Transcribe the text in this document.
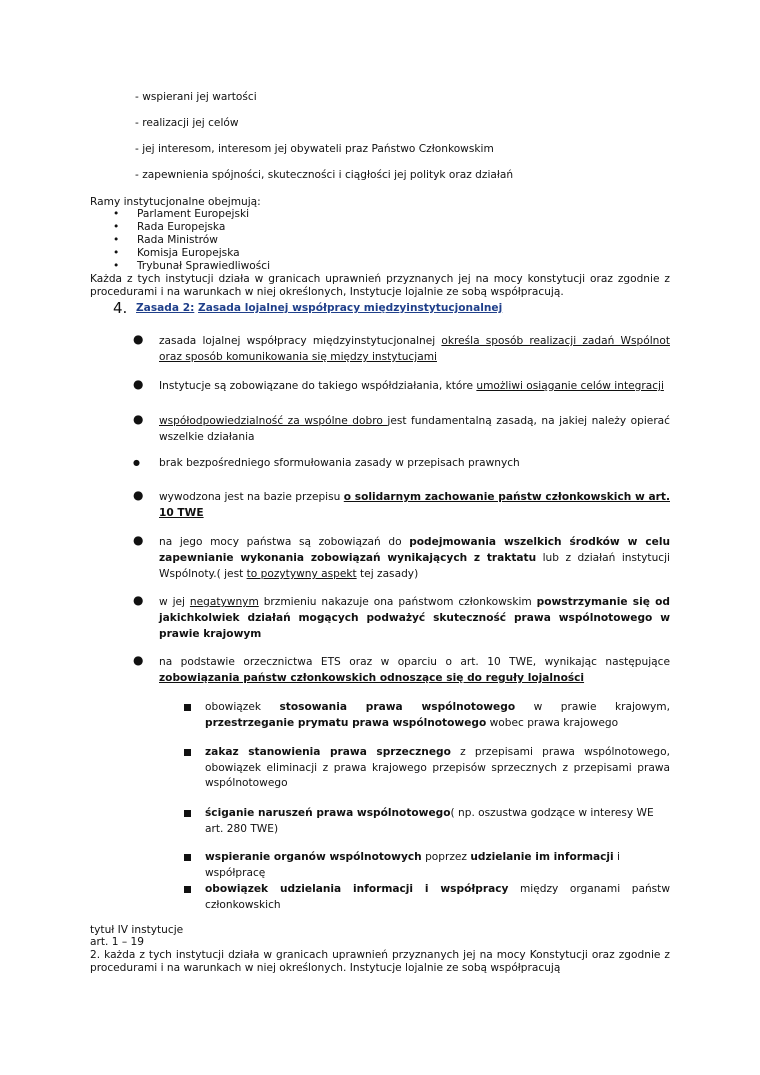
- wspierani jej wartości
- realizacji jej celów
- jej interesom, interesom jej obywateli praz Państwo Członkowskim
- zapewnienia spójności, skuteczności i ciągłości jej polityk oraz działań
Ramy instytucjonalne obejmują:
• Parlament Europejski
• Rada Europejska
• Rada Ministrów
• Komisja Europejska
• Trybunał Sprawiedliwości
Każda z tych instytucji działa w granicach uprawnień przyznanych jej na mocy konstytucji oraz zgodnie z procedurami i na warunkach w niej określonych, Instytucje lojalnie ze sobą współpracują.
4. Zasada 2: Zasada lojalnej współpracy międzyinstytucjonalnej
● zasada lojalnej współpracy międzyinstytucjonalnej określa sposób realizacji zadań Wspólnot oraz sposób komunikowania się między instytucjami
● Instytucje są zobowiązane do takiego współdziałania, które umożliwi osiąganie celów integracji
● współodpowiedzialność za wspólne dobro jest fundamentalną zasadą, na jakiej należy opierać wszelkie działania
● brak bezpośredniego sformułowania zasady w przepisach prawnych
● wywodzona jest na bazie przepisu o solidarnym zachowanie państw członkowskich w art. 10 TWE
● na jego mocy państwa są zobowiązań do podejmowania wszelkich środków w celu zapewnianie wykonania zobowiązań wynikających z traktatu lub z działań instytucji Wspólnoty.( jest to pozytywny aspekt tej zasady)
● w jej negatywnym brzmieniu nakazuje ona państwom członkowskim powstrzymanie się od jakichkolwiek działań mogących podważyć skuteczność prawa wspólnotowego w prawie krajowym
● na podstawie orzecznictwa ETS oraz w oparciu o art. 10 TWE, wynikając następujące zobowiązania państw członkowskich odnoszące się do reguły lojalności
obowiązek stosowania prawa wspólnotowego w prawie krajowym, przestrzeganie prymatu prawa wspólnotowego wobec prawa krajowego
zakaz stanowienia prawa sprzecznego z przepisami prawa wspólnotowego, obowiązek eliminacji z prawa krajowego przepisów sprzecznych z przepisami prawa wspólnotowego
ściganie naruszeń prawa wspólnotowego( np. oszustwa godzące w interesy WE art. 280 TWE)
wspieranie organów wspólnotowych poprzez udzielanie im informacji i współpracę
obowiązek udzielania informacji i współpracy między organami państw członkowskich
tytuł IV instytucje
art. 1 – 19
2. każda z tych instytucji działa w granicach uprawnień przyznanych jej na mocy Konstytucji oraz zgodnie z procedurami i na warunkach w niej określonych. Instytucje lojalnie ze sobą współpracują
